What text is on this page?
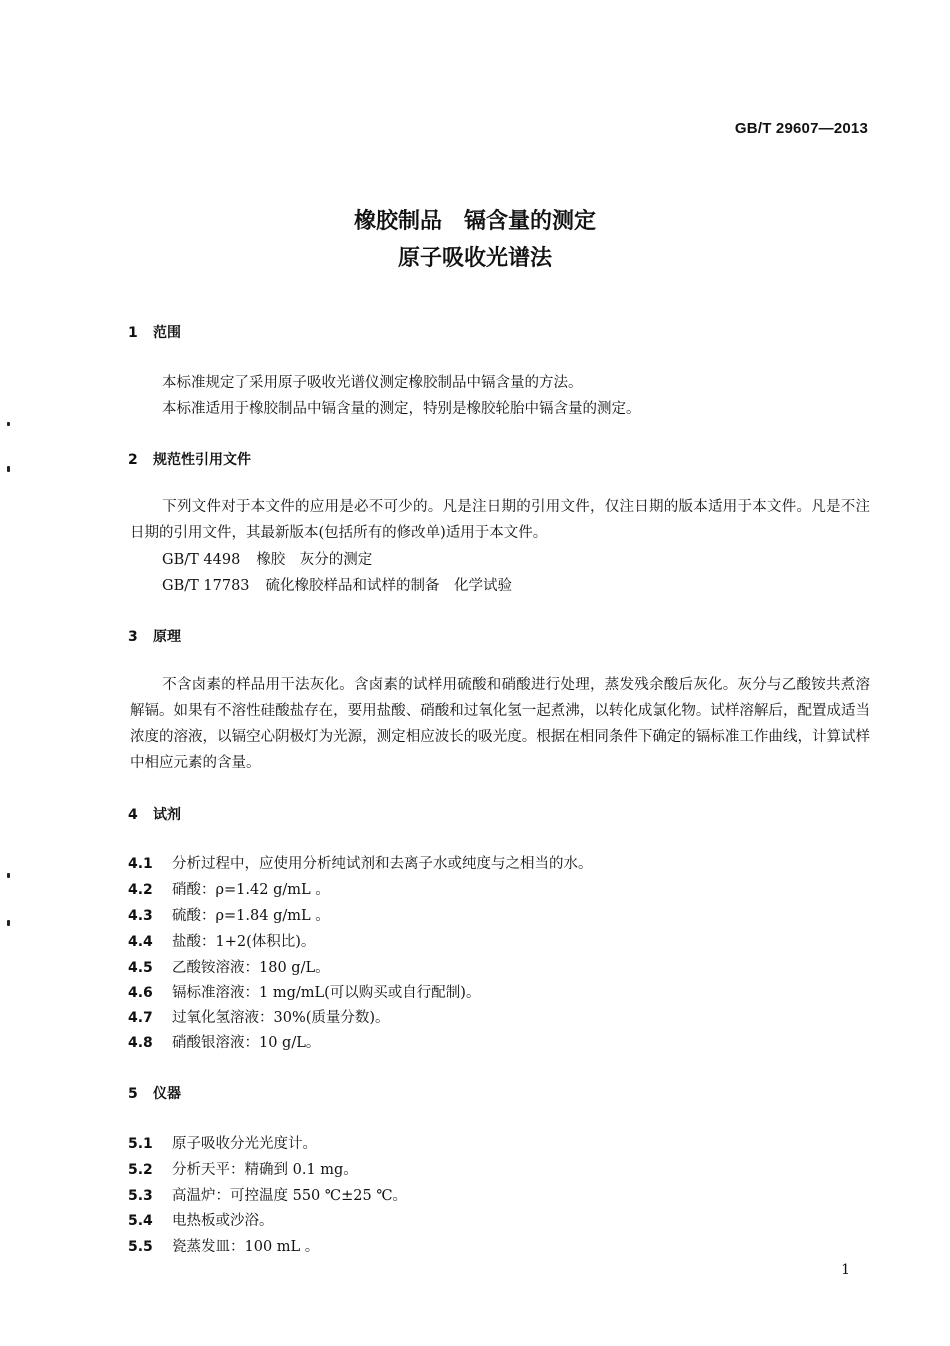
GB/T 29607—2013
橡胶制品　镉含量的测定
原子吸收光谱法
1 范围
本标准规定了采用原子吸收光谱仪测定橡胶制品中镉含量的方法。
本标准适用于橡胶制品中镉含量的测定，特别是橡胶轮胎中镉含量的测定。
2 规范性引用文件
下列文件对于本文件的应用是必不可少的。凡是注日期的引用文件，仅注日期的版本适用于本文件。凡是不注日期的引用文件，其最新版本(包括所有的修改单)适用于本文件。
GB/T 4498 橡胶　灰分的测定
GB/T 17783 硫化橡胶样品和试样的制备　化学试验
3 原理
不含卤素的样品用干法灰化。含卤素的试样用硫酸和硝酸进行处理，蒸发残余酸后灰化。灰分与乙酸铵共煮溶解镉。如果有不溶性硅酸盐存在，要用盐酸、硝酸和过氧化氢一起煮沸，以转化成氯化物。试样溶解后，配置成适当浓度的溶液，以镉空心阴极灯为光源，测定相应波长的吸光度。根据在相同条件下确定的镉标准工作曲线，计算试样中相应元素的含量。
4 试剂
4.1 分析过程中，应使用分析纯试剂和去离子水或纯度与之相当的水。
4.2 硝酸：ρ=1.42 g/mL 。
4.3 硫酸：ρ=1.84 g/mL 。
4.4 盐酸：1+2(体积比)。
4.5 乙酸铵溶液：180 g/L。
4.6 镉标准溶液：1 mg/mL(可以购买或自行配制)。
4.7 过氧化氢溶液：30%(质量分数)。
4.8 硝酸银溶液：10 g/L。
5 仪器
5.1 原子吸收分光光度计。
5.2 分析天平：精确到 0.1 mg。
5.3 高温炉：可控温度 550 ℃±25 ℃。
5.4 电热板或沙浴。
5.5 瓷蒸发皿：100 mL 。
1
